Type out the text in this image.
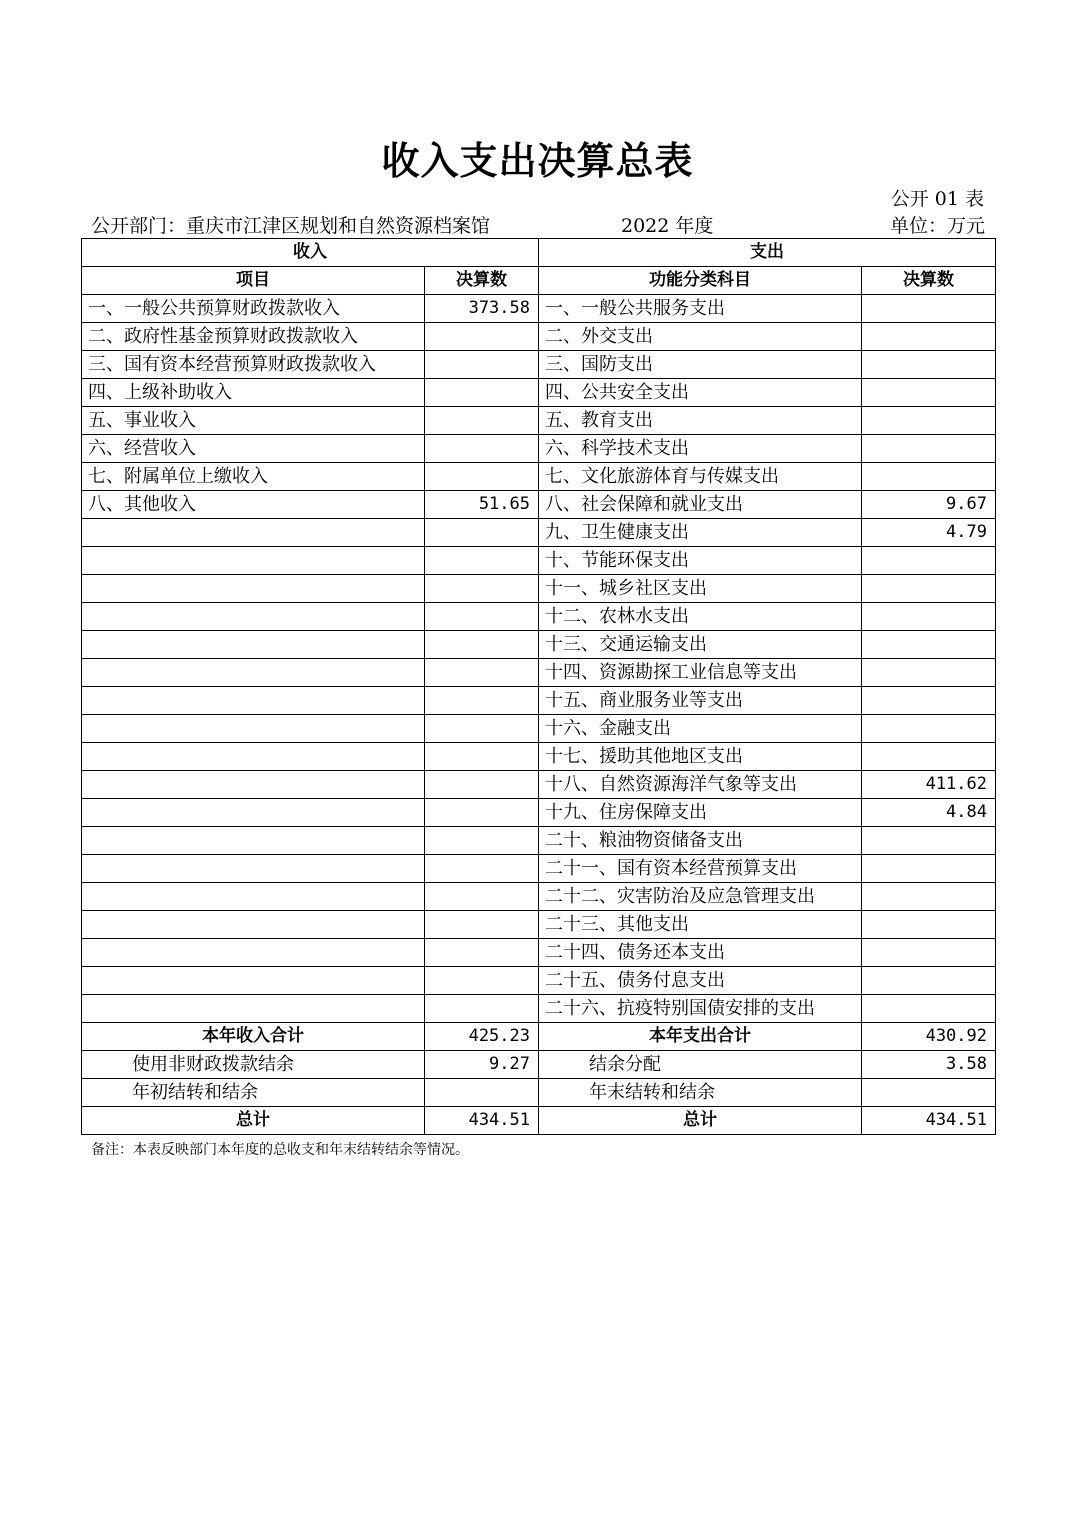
收入支出决算总表
公开 01 表
公开部门：重庆市江津区规划和自然资源档案馆	2022 年度	单位：万元
收入		支出	
项目	决算数	功能分类科目	决算数
一、一般公共预算财政拨款收入	373.58	一、一般公共服务支出	
二、政府性基金预算财政拨款收入		二、外交支出	
三、国有资本经营预算财政拨款收入		三、国防支出	
四、上级补助收入		四、公共安全支出	
五、事业收入		五、教育支出	
六、经营收入		六、科学技术支出	
七、附属单位上缴收入		七、文化旅游体育与传媒支出	
八、其他收入	51.65	八、社会保障和就业支出	9.67
		九、卫生健康支出	4.79
		十、节能环保支出	
		十一、城乡社区支出	
		十二、农林水支出	
		十三、交通运输支出	
		十四、资源勘探工业信息等支出	
		十五、商业服务业等支出	
		十六、金融支出	
		十七、援助其他地区支出	
		十八、自然资源海洋气象等支出	411.62
		十九、住房保障支出	4.84
		二十、粮油物资储备支出	
		二十一、国有资本经营预算支出	
		二十二、灾害防治及应急管理支出	
		二十三、其他支出	
		二十四、债务还本支出	
		二十五、债务付息支出	
		二十六、抗疫特别国债安排的支出	
本年收入合计	425.23	本年支出合计	430.92
使用非财政拨款结余	9.27	结余分配	3.58
年初结转和结余		年末结转和结余	
总计	434.51	总计	434.51
备注：本表反映部门本年度的总收支和年末结转结余等情况。
